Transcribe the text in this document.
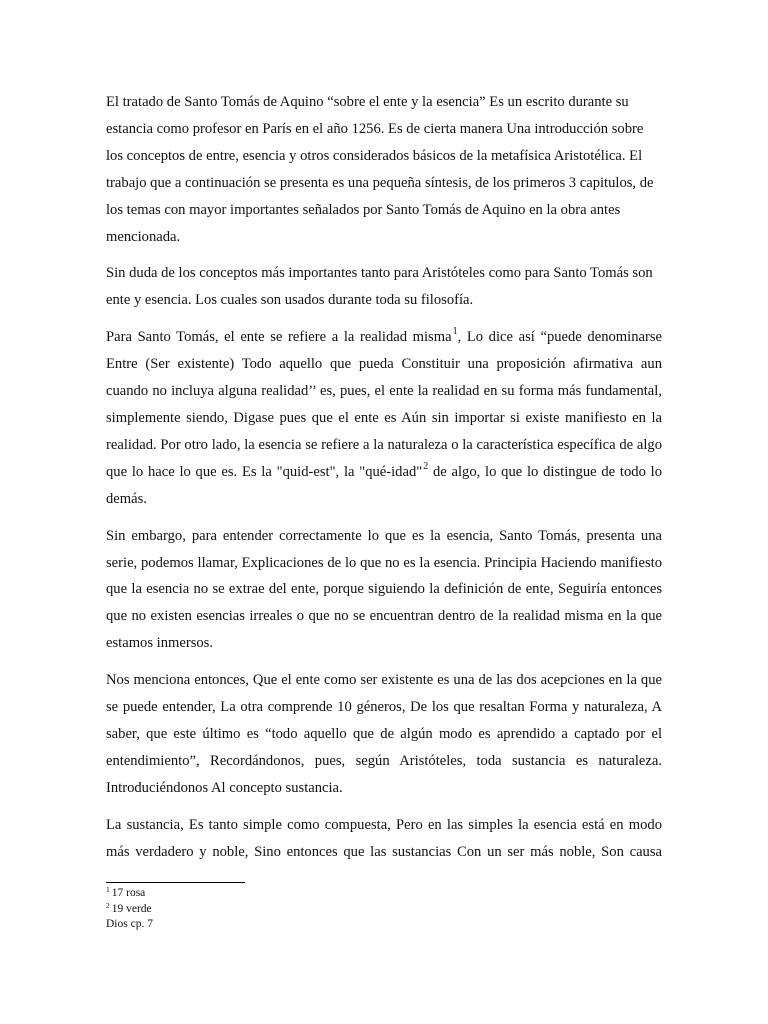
El tratado de Santo Tomás de Aquino “sobre el ente y la esencia” Es un escrito durante su estancia como profesor en París en el año 1256. Es de cierta manera Una introducción sobre los conceptos de entre, esencia y otros considerados básicos de la metafísica Aristotélica. El trabajo que a continuación se presenta es una pequeña síntesis, de los primeros 3 capitulos, de los temas con mayor importantes señalados por Santo Tomás de Aquino en la obra antes mencionada.

Sin duda de los conceptos más importantes tanto para Aristóteles como para Santo Tomás son ente y esencia. Los cuales son usados durante toda su filosofía.

Para Santo Tomás, el ente se refiere a la realidad misma$^1$, Lo dice así “puede denominarse Entre (Ser existente) Todo aquello que pueda Constituir una proposición afirmativa aun cuando no incluya alguna realidad’’ es, pues, el ente la realidad en su forma más fundamental, simplemente siendo, Digase pues que el ente es Aún sin importar si existe manifiesto en la realidad. Por otro lado, la esencia se refiere a la naturaleza o la característica específica de algo que lo hace lo que es. Es la "quid-est", la "qué-idad"$^2$ de algo, lo que lo distingue de todo lo demás.

Sin embargo, para entender correctamente lo que es la esencia, Santo Tomás, presenta una serie, podemos llamar, Explicaciones de lo que no es la esencia. Principia Haciendo manifiesto que la esencia no se extrae del ente, porque siguiendo la definición de ente, Seguiría entonces que no existen esencias irreales o que no se encuentran dentro de la realidad misma en la que estamos inmersos.

Nos menciona entonces, Que el ente como ser existente es una de las dos acepciones en la que se puede entender, La otra comprende 10 géneros, De los que resaltan Forma y naturaleza, A saber, que este último es “todo aquello que de algún modo es aprendido a captado por el entendimiento”, Recordándonos, pues, según Aristóteles, toda sustancia es naturaleza. Introduciéndonos Al concepto sustancia.

La sustancia, Es tanto simple como compuesta, Pero en las simples la esencia está en modo más verdadero y noble, Sino entonces que las sustancias Con un ser más noble, Son causa

$^1$ 17 rosa

$^2$ 19 verde

Dios cp. 7
